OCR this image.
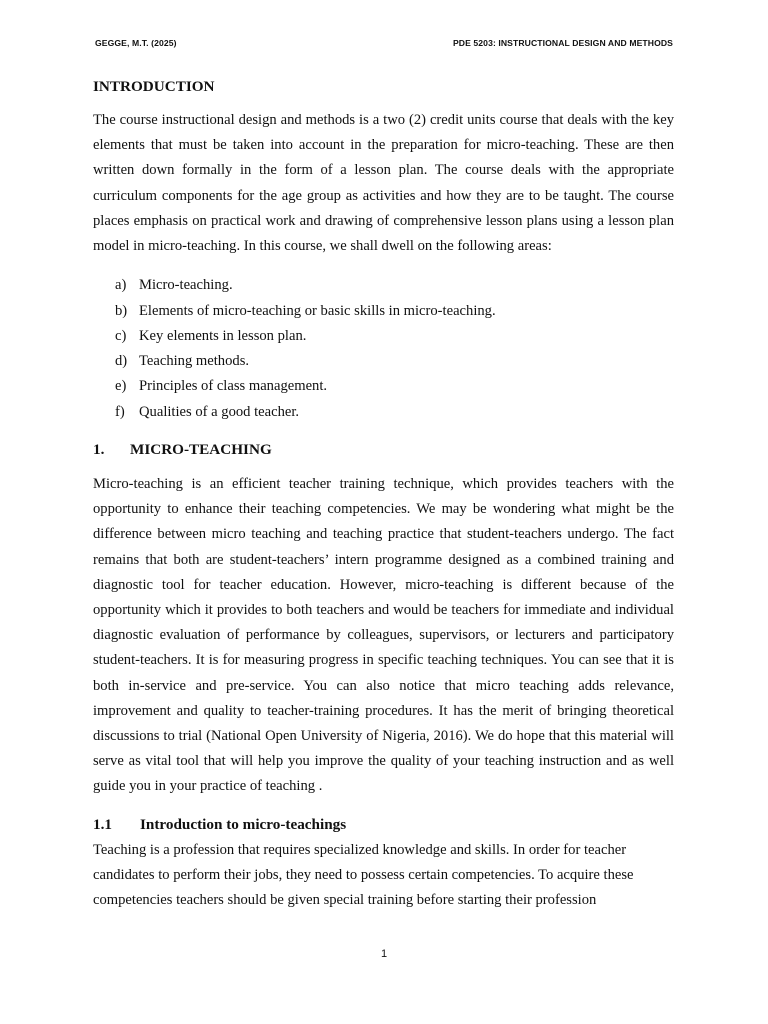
GEGGE, M.T. (2025)	PDE 5203: INSTRUCTIONAL DESIGN AND METHODS
INTRODUCTION

The course instructional design and methods is a two (2) credit units course that deals with the key elements that must be taken into account in the preparation for micro-teaching. These are then written down formally in the form of a lesson plan. The course deals with the appropriate curriculum components for the age group as activities and how they are to be taught. The course places emphasis on practical work and drawing of comprehensive lesson plans using a lesson plan model in micro-teaching. In this course, we shall dwell on the following areas:

a) Micro-teaching.
b) Elements of micro-teaching or basic skills in micro-teaching.
c) Key elements in lesson plan.
d) Teaching methods.
e) Principles of class management.
f) Qualities of a good teacher.
1.	MICRO-TEACHING

Micro-teaching is an efficient teacher training technique, which provides teachers with the opportunity to enhance their teaching competencies. We may be wondering what might be the difference between micro teaching and teaching practice that student-teachers undergo. The fact remains that both are student-teachers’ intern programme designed as a combined training and diagnostic tool for teacher education. However, micro-teaching is different because of the opportunity which it provides to both teachers and would be teachers for immediate and individual diagnostic evaluation of performance by colleagues, supervisors, or lecturers and participatory student-teachers. It is for measuring progress in specific teaching techniques. You can see that it is both in-service and pre-service. You can also notice that micro teaching adds relevance, improvement and quality to teacher-training procedures. It has the merit of bringing theoretical discussions to trial (National Open University of Nigeria, 2016). We do hope that this material will serve as vital tool that will help you improve the quality of your teaching instruction and as well guide you in your practice of teaching .

1.1	Introduction to micro-teachings

Teaching is a profession that requires specialized knowledge and skills. In order for teacher candidates to perform their jobs, they need to possess certain competencies. To acquire these competencies teachers should be given special training before starting their profession

1
